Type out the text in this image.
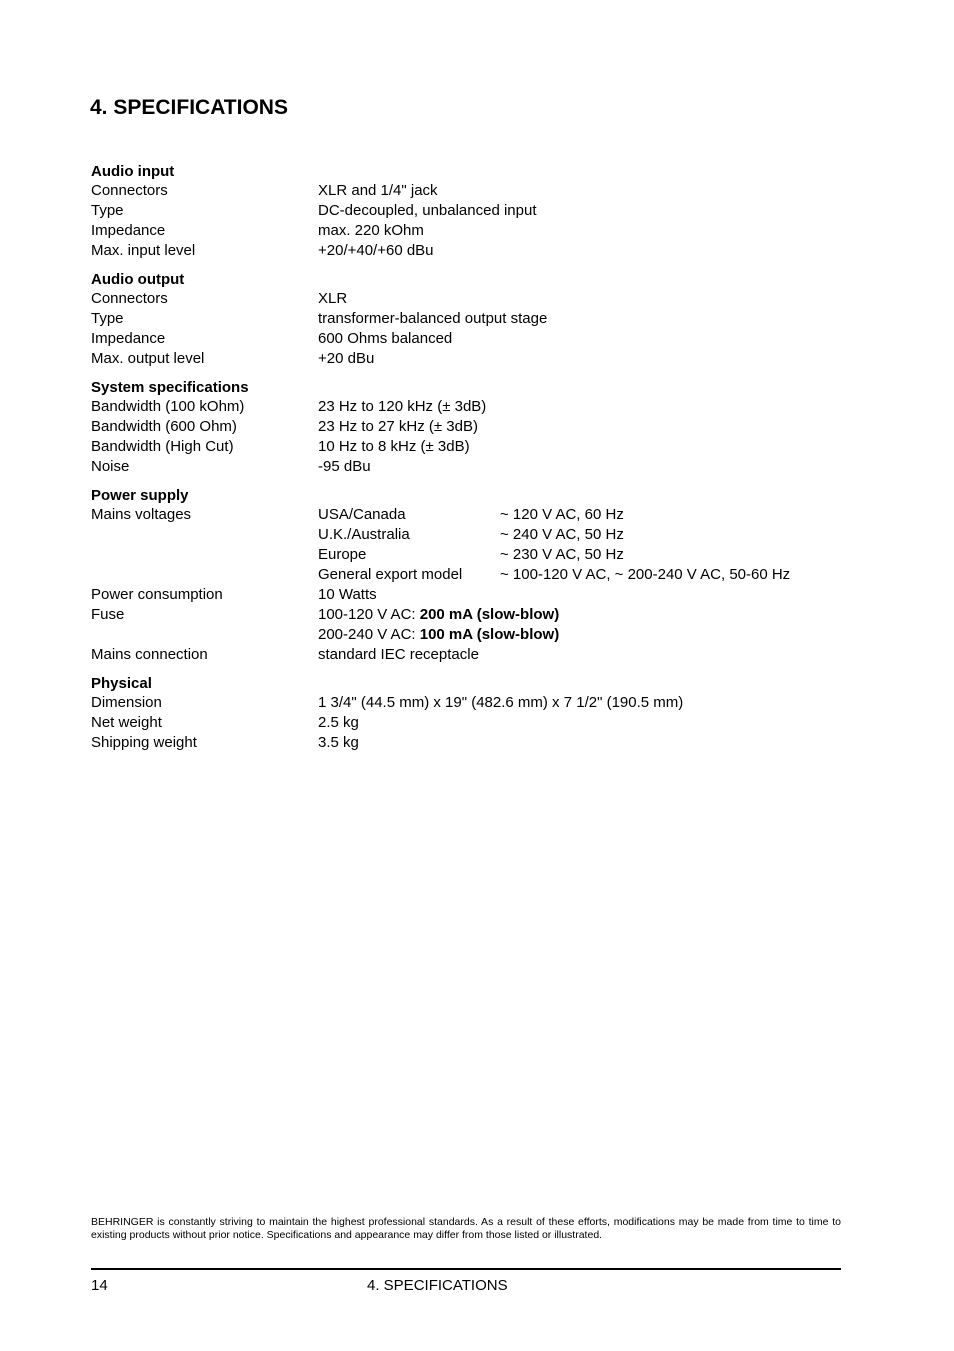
4. SPECIFICATIONS
Audio input
Connectors	XLR and 1/4" jack
Type	DC-decoupled, unbalanced input
Impedance	max. 220 kOhm
Max. input level	+20/+40/+60 dBu
Audio output
Connectors	XLR
Type	transformer-balanced output stage
Impedance	600 Ohms balanced
Max. output level	+20 dBu
System specifications
Bandwidth (100 kOhm)	23 Hz to 120 kHz (± 3dB)
Bandwidth (600 Ohm)	23 Hz to 27 kHz (± 3dB)
Bandwidth (High Cut)	10 Hz to 8 kHz (± 3dB)
Noise	-95 dBu
Power supply
Mains voltages	USA/Canada	~ 120 V AC, 60 Hz
U.K./Australia	~ 240 V AC, 50 Hz
Europe	~ 230 V AC, 50 Hz
General export model	~ 100-120 V AC, ~ 200-240 V AC, 50-60 Hz
Power consumption	10 Watts
Fuse	100-120 V AC: 200 mA (slow-blow)
200-240 V AC: 100 mA (slow-blow)
Mains connection	standard IEC receptacle
Physical
Dimension	1 3/4" (44.5 mm) x 19" (482.6 mm) x 7 1/2" (190.5 mm)
Net weight	2.5 kg
Shipping weight	3.5 kg

BEHRINGER is constantly striving to maintain the highest professional standards. As a result of these efforts, modifications may be made from time to time to existing products without prior notice. Specifications and appearance may differ from those listed or illustrated.

14	4. SPECIFICATIONS
